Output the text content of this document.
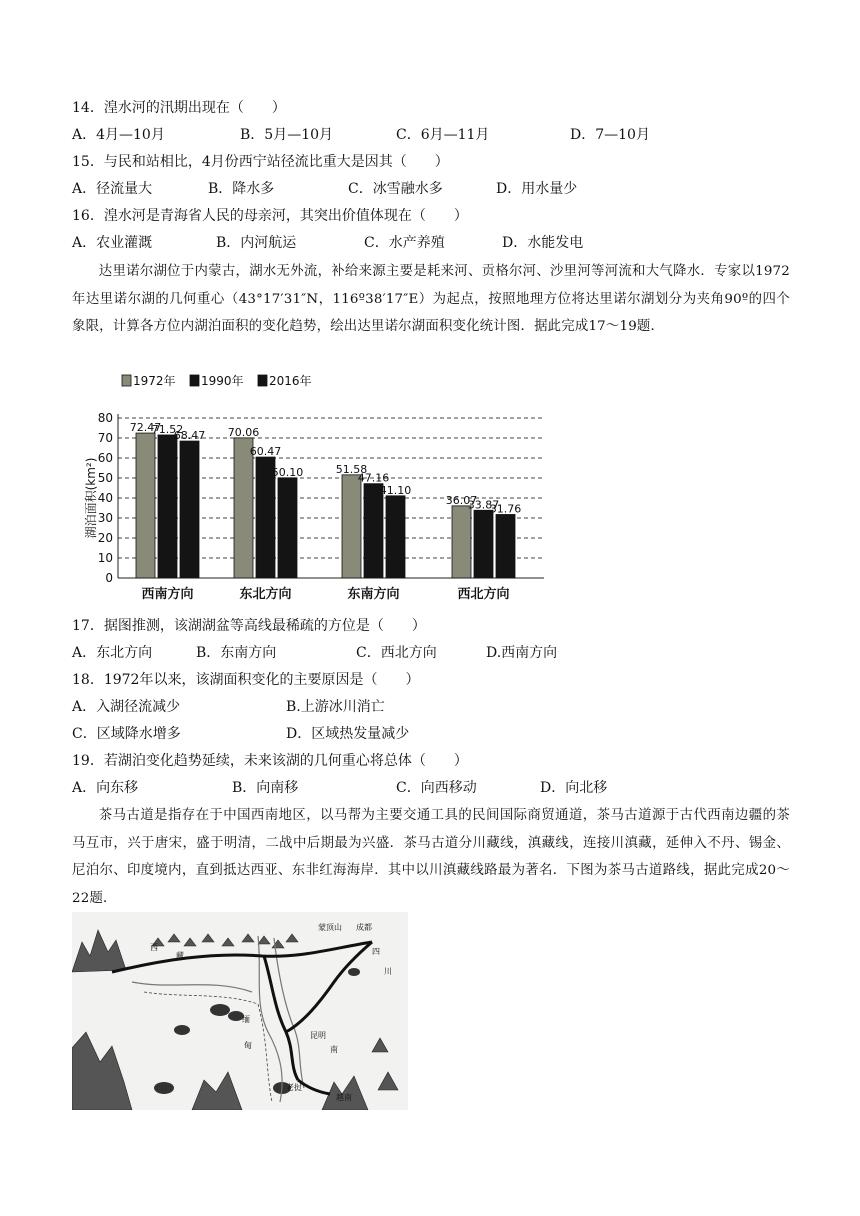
14．湟水河的汛期出现在（　　）
A．4月—10月	B．5月—10月	C．6月—11月	D．7—10月
15．与民和站相比，4月份西宁站径流比重大是因其（　　）
A．径流量大	B．降水多	C．冰雪融水多	D．用水量少
16．湟水河是青海省人民的母亲河，其突出价值体现在（　　）
A．农业灌溉	B．内河航运	C．水产养殖	D．水能发电
达里诺尔湖位于内蒙古，湖水无外流，补给来源主要是耗来河、贡格尔河、沙里河等河流和大气降水．专家以1972年达里诺尔湖的几何重心（43°17′31″N，116º38′17″E）为起点，按照地理方位将达里诺尔湖划分为夹角90º的四个象限，计算各方位内湖泊面积的变化趋势，绘出达里诺尔湖面积变化统计图．据此完成17～19题．
0
10
20
30
40
50
60
70
80
湖泊面积(km²)
1972年 1990年 2016年
72.47
71.52
68.47
西南方向
70.06
60.47
50.10
东北方向
51.58
47.16
41.10
东南方向
36.07
33.87
31.76
西北方向
17．据图推测，该湖湖盆等高线最稀疏的方位是（　　）
A．东北方向	B．东南方向	C．西北方向	D.西南方向
18．1972年以来，该湖面积变化的主要原因是（　　）
A．入湖径流减少	B.上游冰川消亡
C．区域降水增多	D．区域热发量减少
19．若湖泊变化趋势延续，未来该湖的几何重心将总体（　　）
A．向东移	B．向南移	C．向西移动	D．向北移
茶马古道是指存在于中国西南地区，以马帮为主要交通工具的民间国际商贸通道，茶马古道源于古代西南边疆的茶马互市，兴于唐宋，盛于明清，二战中后期最为兴盛．茶马古道分川藏线，滇藏线，连接川滇藏，延伸入不丹、锡金、尼泊尔、印度境内，直到抵达西亚、东非红海海岸．其中以川滇藏线路最为著名．下图为茶马古道路线，据此完成20～22题．
西
藏
蒙顶山 成都
四
川
缅
甸
昆明
南
老挝
越南
